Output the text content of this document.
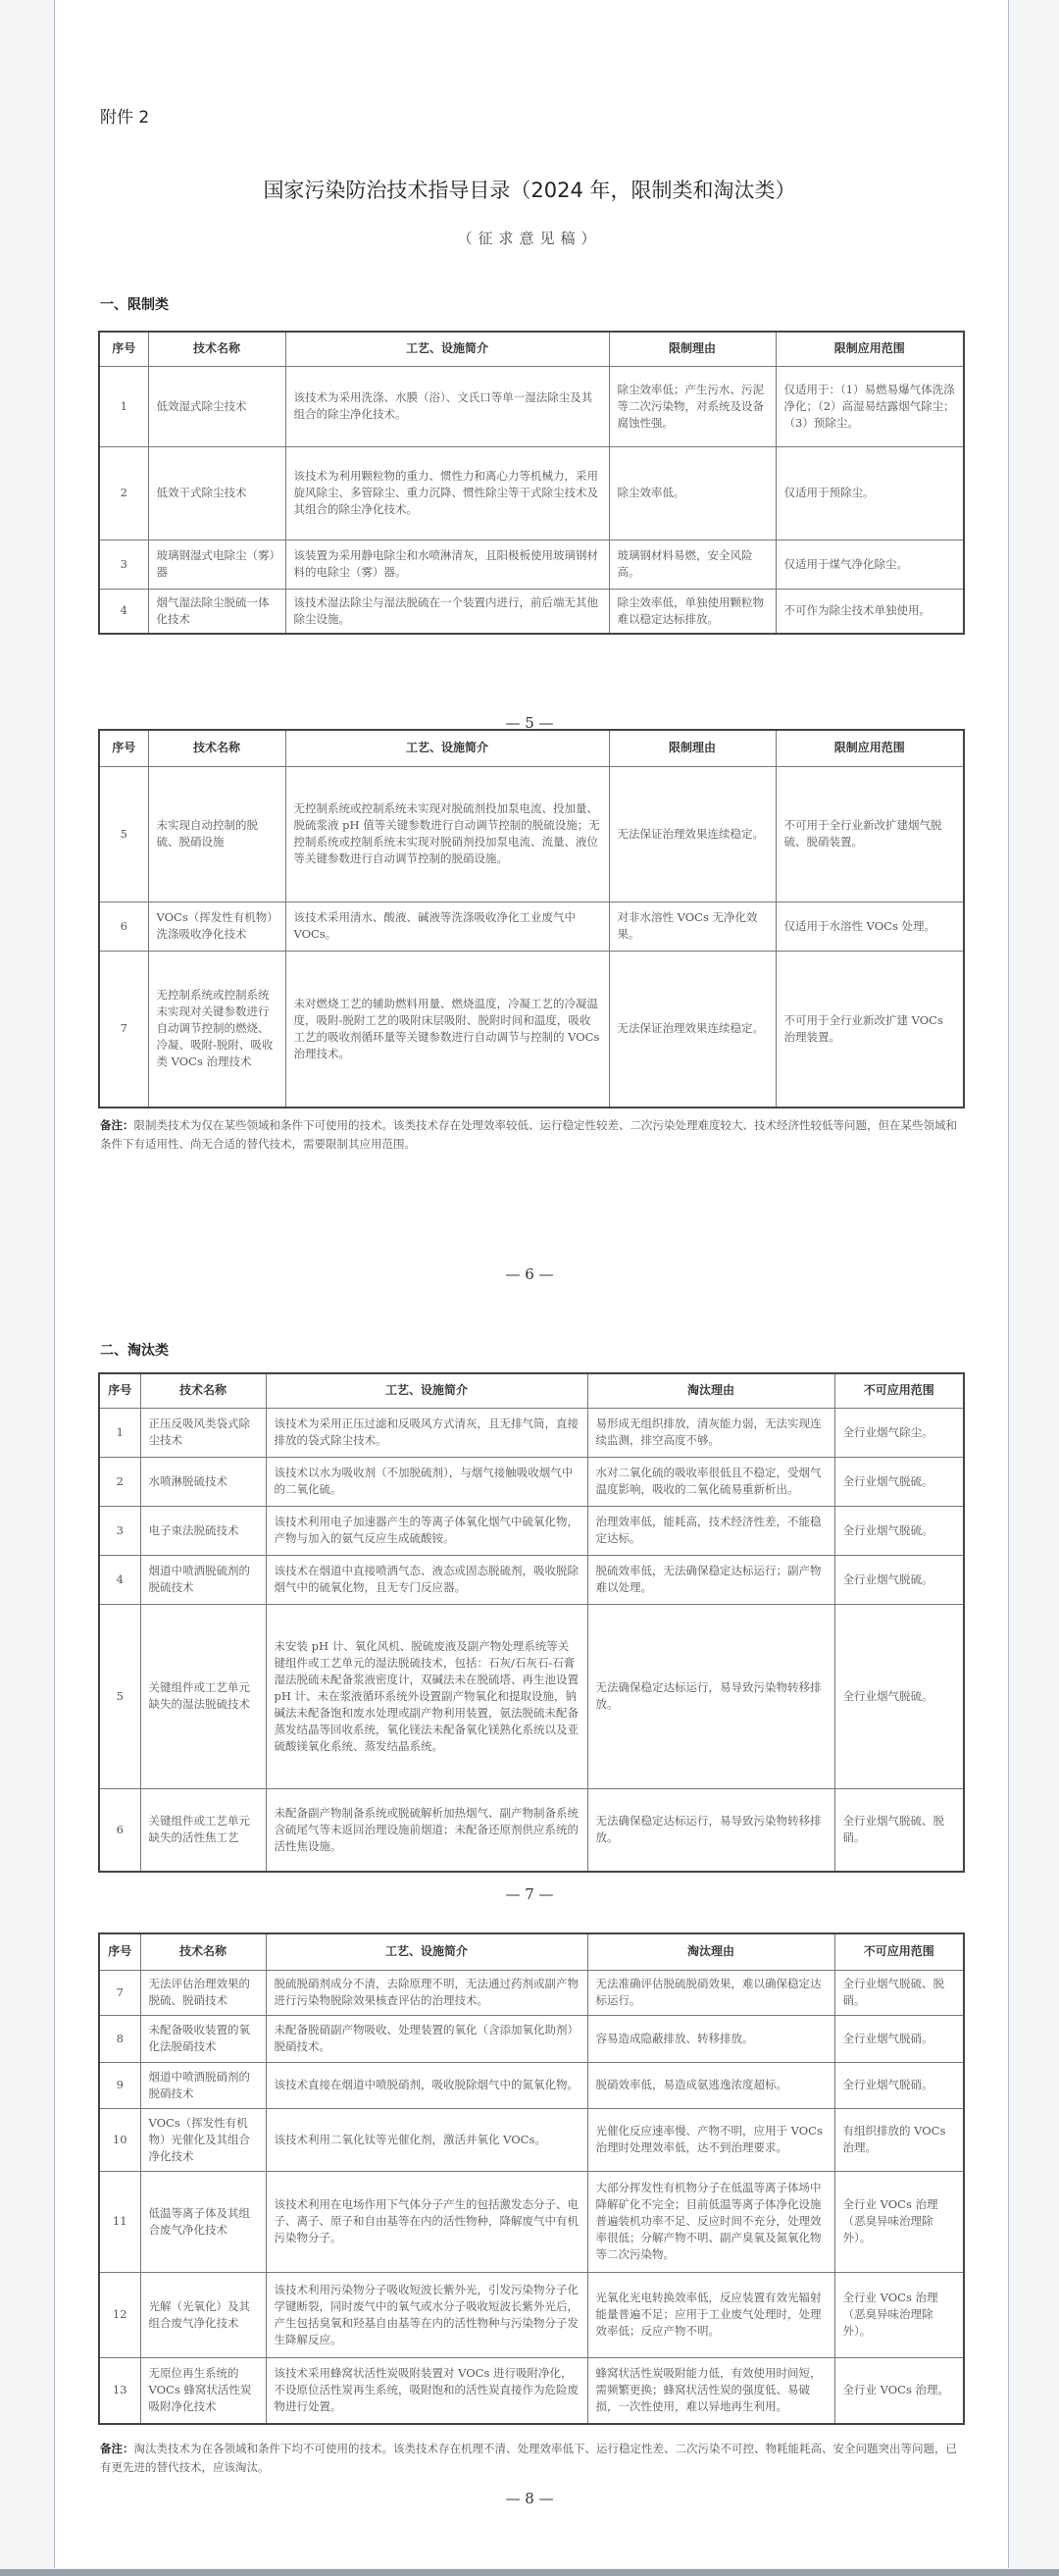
附件 2
国家污染防治技术指导目录（2024 年，限制类和淘汰类）
（征求意见稿）
一、限制类
序号	技术名称	工艺、设施简介	限制理由	限制应用范围
1	低效湿式除尘技术	该技术为采用洗涤、水膜（浴）、文氏口等单一湿法除尘及其组合的除尘净化技术。	除尘效率低；产生污水、污泥等二次污染物，对系统及设备腐蚀性强。	仅适用于：（1）易燃易爆气体洗涤净化；（2）高湿易结露烟气除尘；（3）预除尘。
2	低效干式除尘技术	该技术为利用颗粒物的重力、惯性力和离心力等机械力，采用旋风除尘、多管除尘、重力沉降、惯性除尘等干式除尘技术及其组合的除尘净化技术。	除尘效率低。	仅适用于预除尘。
3	玻璃钢湿式电除尘（雾）器	该装置为采用静电除尘和水喷淋清灰，且阳极板使用玻璃钢材料的电除尘（雾）器。	玻璃钢材料易燃，安全风险高。	仅适用于煤气净化除尘。
4	烟气湿法除尘脱硫一体化技术	该技术湿法除尘与湿法脱硫在一个装置内进行，前后端无其他除尘设施。	除尘效率低，单独使用颗粒物难以稳定达标排放。	不可作为除尘技术单独使用。
— 5 —
序号	技术名称	工艺、设施简介	限制理由	限制应用范围
5	未实现自动控制的脱硫、脱硝设施	无控制系统或控制系统未实现对脱硫剂投加泵电流、投加量、脱硫浆液 pH 值等关键参数进行自动调节控制的脱硫设施；无控制系统或控制系统未实现对脱硝剂投加泵电流、流量、液位等关键参数进行自动调节控制的脱硝设施。	无法保证治理效果连续稳定。	不可用于全行业新改扩建烟气脱硫、脱硝装置。
6	VOCs（挥发性有机物）洗涤吸收净化技术	该技术采用清水、酸液、碱液等洗涤吸收净化工业废气中 VOCs。	对非水溶性 VOCs 无净化效果。	仅适用于水溶性 VOCs 处理。
7	无控制系统或控制系统未实现对关键参数进行自动调节控制的燃烧、冷凝、吸附-脱附、吸收类 VOCs 治理技术	未对燃烧工艺的辅助燃料用量、燃烧温度，冷凝工艺的冷凝温度，吸附-脱附工艺的吸附床层吸附、脱附时间和温度，吸收工艺的吸收剂循环量等关键参数进行自动调节与控制的 VOCs 治理技术。	无法保证治理效果连续稳定。	不可用于全行业新改扩建 VOCs 治理装置。
备注：限制类技术为仅在某些领域和条件下可使用的技术。该类技术存在处理效率较低、运行稳定性较差、二次污染处理难度较大、技术经济性较低等问题，但在某些领域和条件下有适用性、尚无合适的替代技术，需要限制其应用范围。
— 6 —
二、淘汰类
序号	技术名称	工艺、设施简介	淘汰理由	不可应用范围
1	正压反吸风类袋式除尘技术	该技术为采用正压过滤和反吸风方式清灰，且无排气筒，直接排放的袋式除尘技术。	易形成无组织排放，清灰能力弱，无法实现连续监测，排空高度不够。	全行业烟气除尘。
2	水喷淋脱硫技术	该技术以水为吸收剂（不加脱硫剂），与烟气接触吸收烟气中的二氧化硫。	水对二氧化硫的吸收率很低且不稳定，受烟气温度影响，吸收的二氧化硫易重新析出。	全行业烟气脱硫。
3	电子束法脱硫技术	该技术利用电子加速器产生的等离子体氧化烟气中硫氧化物，产物与加入的氨气反应生成硫酸铵。	治理效率低，能耗高，技术经济性差，不能稳定达标。	全行业烟气脱硫。
4	烟道中喷洒脱硫剂的脱硫技术	该技术在烟道中直接喷洒气态、液态或固态脱硫剂，吸收脱除烟气中的硫氧化物，且无专门反应器。	脱硫效率低，无法确保稳定达标运行；副产物难以处理。	全行业烟气脱硫。
5	关键组件或工艺单元缺失的湿法脱硫技术	未安装 pH 计、氧化风机、脱硫废液及副产物处理系统等关键组件或工艺单元的湿法脱硫技术，包括：石灰/石灰石-石膏湿法脱硫未配备浆液密度计，双碱法未在脱硫塔、再生池设置 pH 计、未在浆液循环系统外设置副产物氧化和提取设施，钠碱法未配备饱和废水处理或副产物利用装置，氨法脱硫未配备蒸发结晶等回收系统，氧化镁法未配备氧化镁熟化系统以及亚硫酸镁氧化系统、蒸发结晶系统。	无法确保稳定达标运行，易导致污染物转移排放。	全行业烟气脱硫。
6	关键组件或工艺单元缺失的活性焦工艺	未配备副产物制备系统或脱硫解析加热烟气、副产物制备系统含硫尾气等未返回治理设施前烟道；未配备还原剂供应系统的活性焦设施。	无法确保稳定达标运行，易导致污染物转移排放。	全行业烟气脱硫、脱硝。
— 7 —
序号	技术名称	工艺、设施简介	淘汰理由	不可应用范围
7	无法评估治理效果的脱硫、脱硝技术	脱硫脱硝剂成分不清，去除原理不明，无法通过药剂或副产物进行污染物脱除效果核查评估的治理技术。	无法准确评估脱硫脱硝效果，难以确保稳定达标运行。	全行业烟气脱硫、脱硝。
8	未配备吸收装置的氧化法脱硝技术	未配备脱硝副产物吸收、处理装置的氧化（含添加氧化助剂）脱硝技术。	容易造成隐蔽排放、转移排放。	全行业烟气脱硝。
9	烟道中喷洒脱硝剂的脱硝技术	该技术直接在烟道中喷脱硝剂，吸收脱除烟气中的氮氧化物。	脱硝效率低，易造成氨逃逸浓度超标。	全行业烟气脱硝。
10	VOCs（挥发性有机物）光催化及其组合净化技术	该技术利用二氧化钛等光催化剂，激活并氧化 VOCs。	光催化反应速率慢、产物不明，应用于 VOCs 治理时处理效率低，达不到治理要求。	有组织排放的 VOCs 治理。
11	低温等离子体及其组合废气净化技术	该技术利用在电场作用下气体分子产生的包括激发态分子、电子、离子、原子和自由基等在内的活性物种，降解废气中有机污染物分子。	大部分挥发性有机物分子在低温等离子体场中降解矿化不完全；目前低温等离子体净化设施普遍装机功率不足、反应时间不充分，处理效率很低；分解产物不明、副产臭氧及氮氧化物等二次污染物。	全行业 VOCs 治理（恶臭异味治理除外）。
12	光解（光氧化）及其组合废气净化技术	该技术利用污染物分子吸收短波长紫外光，引发污染物分子化学键断裂，同时废气中的氧气或水分子吸收短波长紫外光后，产生包括臭氧和羟基自由基等在内的活性物种与污染物分子发生降解反应。	光氧化光电转换效率低，反应装置有效光辐射能量普遍不足；应用于工业废气处理时，处理效率低；反应产物不明。	全行业 VOCs 治理（恶臭异味治理除外）。
13	无原位再生系统的 VOCs 蜂窝状活性炭吸附净化技术	该技术采用蜂窝状活性炭吸附装置对 VOCs 进行吸附净化，不设原位活性炭再生系统，吸附饱和的活性炭直接作为危险废物进行处置。	蜂窝状活性炭吸附能力低，有效使用时间短，需频繁更换；蜂窝状活性炭的强度低、易破损，一次性使用，难以异地再生利用。	全行业 VOCs 治理。
备注：淘汰类技术为在各领域和条件下均不可使用的技术。该类技术存在机理不清、处理效率低下、运行稳定性差、二次污染不可控、物耗能耗高、安全问题突出等问题，已有更先进的替代技术，应该淘汰。
— 8 —
